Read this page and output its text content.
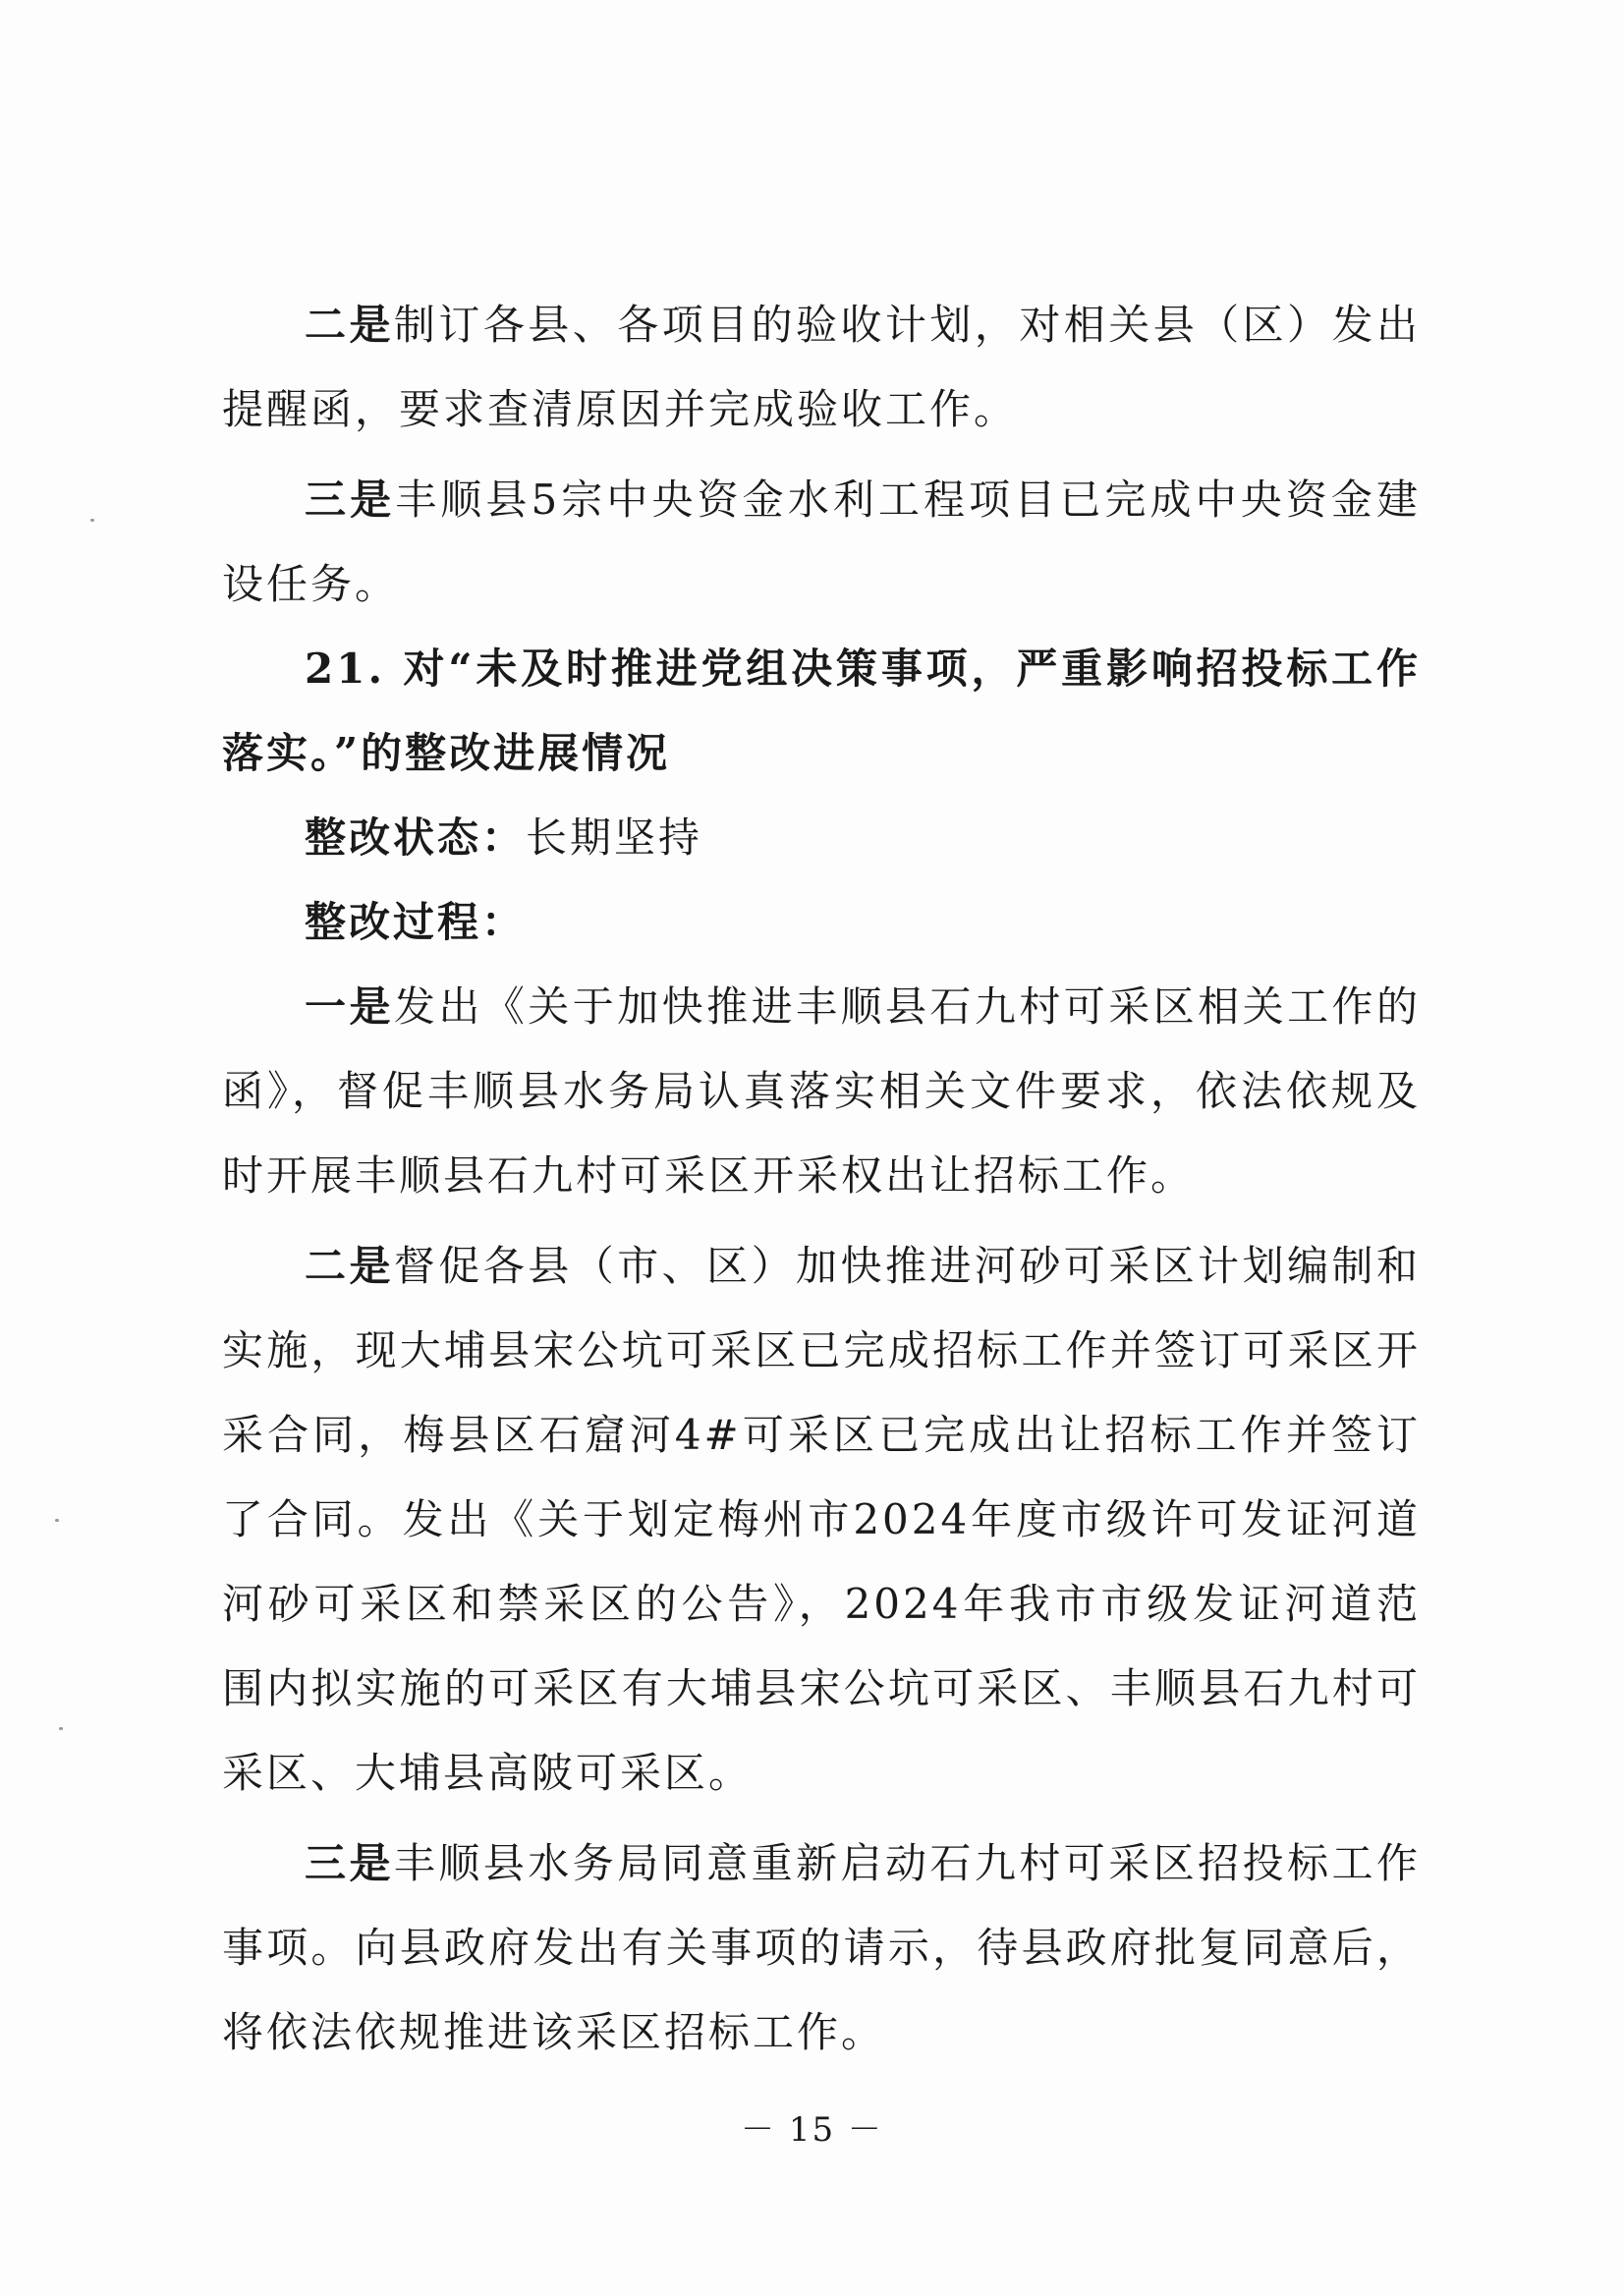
二是制订各县、各项目的验收计划，对相关县（区）发出提醒函，要求查清原因并完成验收工作。

三是丰顺县5宗中央资金水利工程项目已完成中央资金建设任务。

21. 对“未及时推进党组决策事项，严重影响招投标工作落实。”的整改进展情况

整改状态：长期坚持

整改过程：

一是发出《关于加快推进丰顺县石九村可采区相关工作的函》，督促丰顺县水务局认真落实相关文件要求，依法依规及时开展丰顺县石九村可采区开采权出让招标工作。

二是督促各县（市、区）加快推进河砂可采区计划编制和实施，现大埔县宋公坑可采区已完成招标工作并签订可采区开采合同，梅县区石窟河4#可采区已完成出让招标工作并签订了合同。发出《关于划定梅州市2024年度市级许可发证河道河砂可采区和禁采区的公告》，2024年我市市级发证河道范围内拟实施的可采区有大埔县宋公坑可采区、丰顺县石九村可采区、大埔县高陂可采区。

三是丰顺县水务局同意重新启动石九村可采区招投标工作事项。向县政府发出有关事项的请示，待县政府批复同意后，将依法依规推进该采区招标工作。

－ 15 －
